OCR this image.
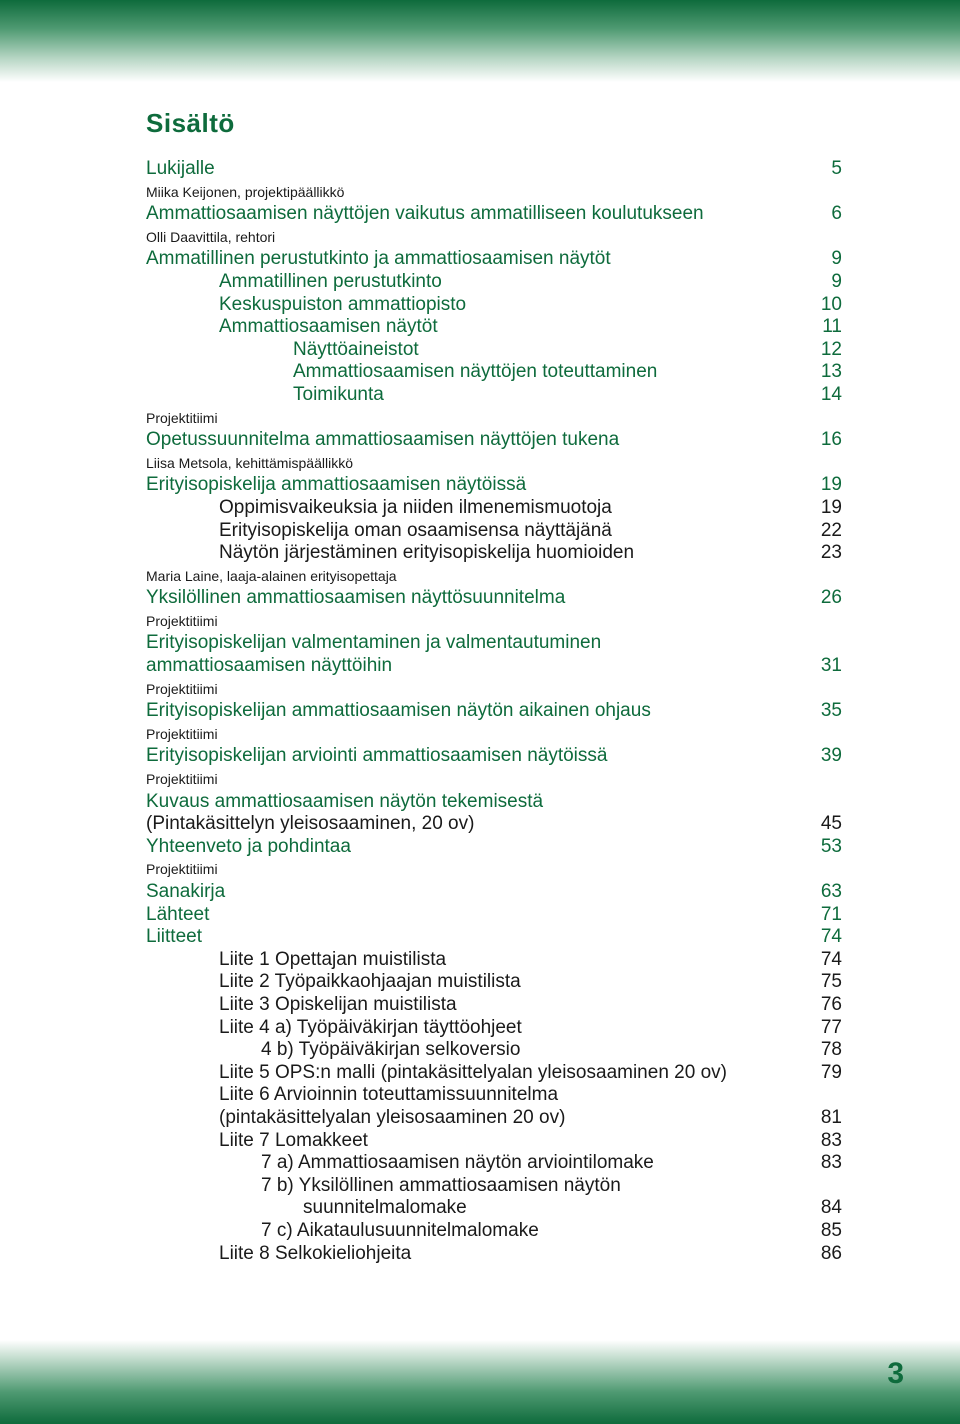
Sisältö
Lukijalle	5
Miika Keijonen, projektipäällikkö
Ammattiosaamisen näyttöjen vaikutus ammatilliseen koulutukseen	6
Olli Daavittila, rehtori
Ammatillinen perustutkinto ja ammattiosaamisen näytöt	9
Ammatillinen perustutkinto	9
Keskuspuiston ammattiopisto	10
Ammattiosaamisen näytöt	11
Näyttöaineistot	12
Ammattiosaamisen näyttöjen toteuttaminen	13
Toimikunta	14
Projektitiimi
Opetussuunnitelma ammattiosaamisen näyttöjen tukena	16
Liisa Metsola, kehittämispäällikkö
Erityisopiskelija ammattiosaamisen näytöissä	19
Oppimisvaikeuksia ja niiden ilmenemismuotoja	19
Erityisopiskelija oman osaamisensa näyttäjänä	22
Näytön järjestäminen erityisopiskelija huomioiden	23
Maria Laine, laaja-alainen erityisopettaja
Yksilöllinen ammattiosaamisen näyttösuunnitelma	26
Projektitiimi
Erityisopiskelijan valmentaminen ja valmentautuminen
ammattiosaamisen näyttöihin	31
Projektitiimi
Erityisopiskelijan ammattiosaamisen näytön aikainen ohjaus	35
Projektitiimi
Erityisopiskelijan arviointi ammattiosaamisen näytöissä	39
Projektitiimi
Kuvaus ammattiosaamisen näytön tekemisestä
(Pintakäsittelyn yleisosaaminen, 20 ov)	45
Yhteenveto ja pohdintaa	53
Projektitiimi
Sanakirja	63
Lähteet	71
Liitteet	74
Liite 1 Opettajan muistilista	74
Liite 2 Työpaikkaohjaajan muistilista	75
Liite 3 Opiskelijan muistilista	76
Liite 4 a) Työpäiväkirjan täyttöohjeet	77
4 b) Työpäiväkirjan selkoversio	78
Liite 5 OPS:n malli (pintakäsittelyalan yleisosaaminen 20 ov)	79
Liite 6 Arvioinnin toteuttamissuunnitelma
(pintakäsittelyalan yleisosaaminen 20 ov)	81
Liite 7 Lomakkeet	83
7 a) Ammattiosaamisen näytön arviointilomake	83
7 b) Yksilöllinen ammattiosaamisen näytön
suunnitelmalomake	84
7 c) Aikataulusuunnitelmalomake	85
Liite 8 Selkokieliohjeita	86
3
